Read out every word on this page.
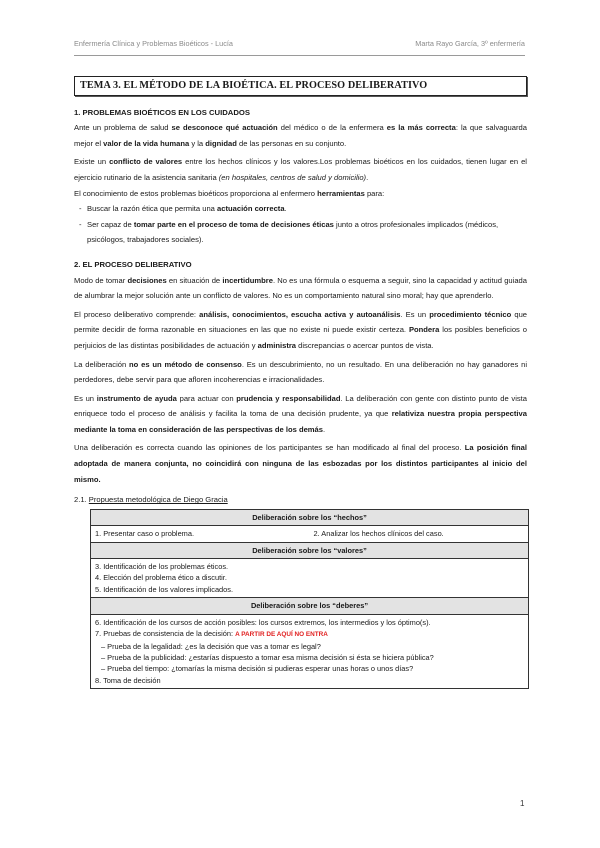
Enfermería Clínica y Problemas Bioéticos - Lucía	Marta Rayo García, 3º enfermería
TEMA 3. EL MÉTODO DE LA BIOÉTICA. EL PROCESO DELIBERATIVO
1. PROBLEMAS BIOÉTICOS EN LOS CUIDADOS

Ante un problema de salud se desconoce qué actuación del médico o de la enfermera es la más correcta: la que salvaguarda mejor el valor de la vida humana y la dignidad de las personas en su conjunto.

Existe un conflicto de valores entre los hechos clínicos y los valores.Los problemas bioéticos en los cuidados, tienen lugar en el ejercicio rutinario de la asistencia sanitaria (en hospitales, centros de salud y domicilio).

El conocimiento de estos problemas bioéticos proporciona al enfermero herramientas para:

- Buscar la razón ética que permita una actuación correcta.
- Ser capaz de tomar parte en el proceso de toma de decisiones éticas junto a otros profesionales implicados (médicos, psicólogos, trabajadores sociales).
2. EL PROCESO DELIBERATIVO

Modo de tomar decisiones en situación de incertidumbre. No es una fórmula o esquema a seguir, sino la capacidad y actitud guiada de alumbrar la mejor solución ante un conflicto de valores. No es un comportamiento natural sino moral; hay que aprenderlo.

El proceso deliberativo comprende: análisis, conocimientos, escucha activa y autoanálisis. Es un procedimiento técnico que permite decidir de forma razonable en situaciones en las que no existe ni puede existir certeza. Pondera los posibles beneficios o perjuicios de las distintas posibilidades de actuación y administra discrepancias o acercar puntos de vista.

La deliberación no es un método de consenso. Es un descubrimiento, no un resultado. En una deliberación no hay ganadores ni perdedores, debe servir para que afloren incoherencias e irracionalidades.

Es un instrumento de ayuda para actuar con prudencia y responsabilidad. La deliberación con gente con distinto punto de vista enriquece todo el proceso de análisis y facilita la toma de una decisión prudente, ya que relativiza nuestra propia perspectiva mediante la toma en consideración de las perspectivas de los demás.

Una deliberación es correcta cuando las opiniones de los participantes se han modificado al final del proceso. La posición final adoptada de manera conjunta, no coincidirá con ninguna de las esbozadas por los distintos participantes al inicio del mismo.

2.1. Propuesta metodológica de Diego Gracia
Deliberación sobre los “hechos”
1. Presentar caso o problema.	2. Analizar los hechos clínicos del caso.
Deliberación sobre los “valores”

3. Identificación de los problemas éticos.
4. Elección del problema ético a discutir.
5. Identificación de los valores implicados.

Deliberación sobre los “deberes”

6. Identificación de los cursos de acción posibles: los cursos extremos, los intermedios y los óptimo(s).
7. Pruebas de consistencia de la decisión: A PARTIR DE AQUÍ NO ENTRA
– Prueba de la legalidad: ¿es la decisión que vas a tomar es legal?
– Prueba de la publicidad: ¿estarías dispuesto a tomar esa misma decisión si ésta se hiciera pública?
– Prueba del tiempo: ¿tomarías la misma decisión si pudieras esperar unas horas o unos días?
8. Toma de decisión
1
